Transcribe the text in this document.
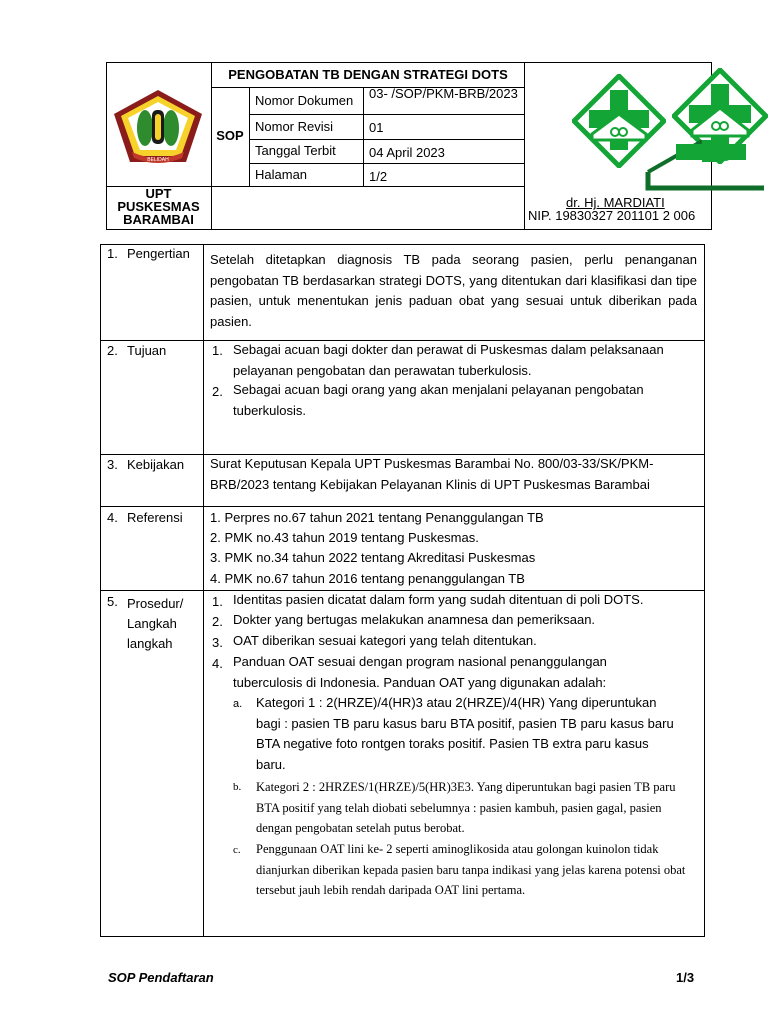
BELIDAH
UPT
PUSKESMAS
BARAMBAI
PENGOBATAN TB DENGAN STRATEGI DOTS
SOP
Nomor Dokumen 03- /SOP/PKM-BRB/2023
Nomor Revisi	01
Tanggal Terbit	04 April 2023
Halaman	1/2
dr. Hj. MARDIATI
NIP. 19830327 201101 2 006
1. Pengertian Setelah ditetapkan diagnosis TB pada seorang pasien, perlu penanganan pengobatan TB berdasarkan strategi DOTS, yang ditentukan dari klasifikasi dan tipe pasien, untuk menentukan jenis paduan obat yang sesuai untuk diberikan pada pasien.
2. Tujuan	1. Sebagai acuan bagi dokter dan perawat di Puskesmas dalam pelaksanaan pelayanan pengobatan dan perawatan tuberkulosis.
2. Sebagai acuan bagi orang yang akan menjalani pelayanan pengobatan tuberkulosis.
3. Kebijakan Surat Keputusan Kepala UPT Puskesmas Barambai No. 800/03-33/SK/PKM-BRB/2023 tentang Kebijakan Pelayanan Klinis di UPT Puskesmas Barambai
4. Referensi 1. Perpres no.67 tahun 2021 tentang Penanggulangan TB
2. PMK no.43 tahun 2019 tentang Puskesmas.
3. PMK no.34 tahun 2022 tentang Akreditasi Puskesmas
4. PMK no.67 tahun 2016 tentang penanggulangan TB
5. Prosedur/
Langkah
langkah
1. Identitas pasien dicatat dalam form yang sudah ditentuan di poli DOTS.
2. Dokter yang bertugas melakukan anamnesa dan pemeriksaan.
3. OAT diberikan sesuai kategori yang telah ditentukan.
4. Panduan OAT sesuai dengan program nasional penanggulangan tuberculosis di Indonesia. Panduan OAT yang digunakan adalah:
a. Kategori 1 : 2(HRZE)/4(HR)3 atau 2(HRZE)/4(HR) Yang diperuntukan bagi : pasien TB paru kasus baru BTA positif, pasien TB paru kasus baru BTA negative foto rontgen toraks positif. Pasien TB extra paru kasus baru.
b. Kategori 2 : 2HRZES/1(HRZE)/5(HR)3E3. Yang diperuntukan bagi pasien TB paru BTA positif yang telah diobati sebelumnya : pasien kambuh, pasien gagal, pasien dengan pengobatan setelah putus berobat.
c. Penggunaan OAT lini ke- 2 seperti aminoglikosida atau golongan kuinolon tidak dianjurkan diberikan kepada pasien baru tanpa indikasi yang jelas karena potensi obat tersebut jauh lebih rendah daripada OAT lini pertama.
SOP Pendaftaran	1/3
